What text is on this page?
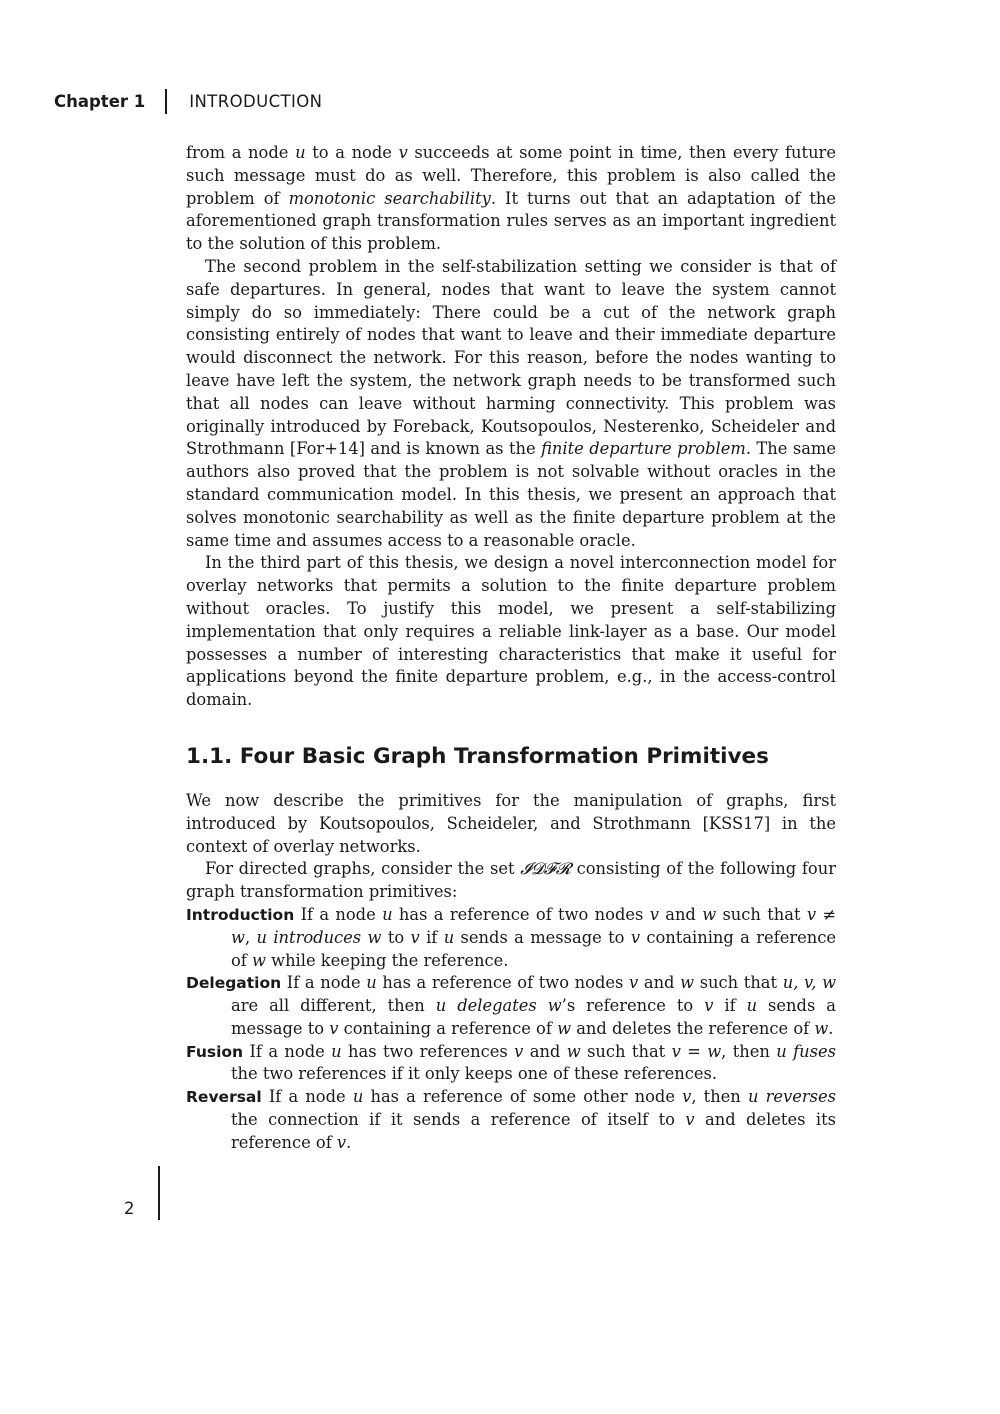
Chapter 1	INTRODUCTION

from a node u to a node v succeeds at some point in time, then every future such message must do as well. Therefore, this problem is also called the problem of monotonic searchability. It turns out that an adaptation of the aforementioned graph transformation rules serves as an important ingredient to the solution of this problem.

The second problem in the self-stabilization setting we consider is that of safe departures. In general, nodes that want to leave the system cannot simply do so immediately: There could be a cut of the network graph consisting entirely of nodes that want to leave and their immediate departure would disconnect the network. For this reason, before the nodes wanting to leave have left the system, the network graph needs to be transformed such that all nodes can leave without harming connectivity. This problem was originally introduced by Foreback, Koutsopoulos, Nesterenko, Scheideler and Strothmann [For+14] and is known as the finite departure problem. The same authors also proved that the problem is not solvable without oracles in the standard communication model. In this thesis, we present an approach that solves monotonic searchability as well as the finite departure problem at the same time and assumes access to a reasonable oracle.

In the third part of this thesis, we design a novel interconnection model for overlay networks that permits a solution to the finite departure problem without oracles. To justify this model, we present a self-stabilizing implementation that only requires a reliable link-layer as a base. Our model possesses a number of interesting characteristics that make it useful for applications beyond the finite departure problem, e.g., in the access-control domain.

1.1. Four Basic Graph Transformation Primitives

We now describe the primitives for the manipulation of graphs, first introduced by Koutsopoulos, Scheideler, and Strothmann [KSS17] in the context of overlay networks.

For directed graphs, consider the set 𝓘𝓓𝓕𝓡 consisting of the following four graph transformation primitives:

Introduction If a node u has a reference of two nodes v and w such that v ≠ w, u introduces w to v if u sends a message to v containing a reference of w while keeping the reference.

Delegation If a node u has a reference of two nodes v and w such that u, v, w are all different, then u delegates w’s reference to v if u sends a message to v containing a reference of w and deletes the reference of w.

Fusion If a node u has two references v and w such that v = w, then u fuses the two references if it only keeps one of these references.

Reversal If a node u has a reference of some other node v, then u reverses the connection if it sends a reference of itself to v and deletes its reference of v.

2
